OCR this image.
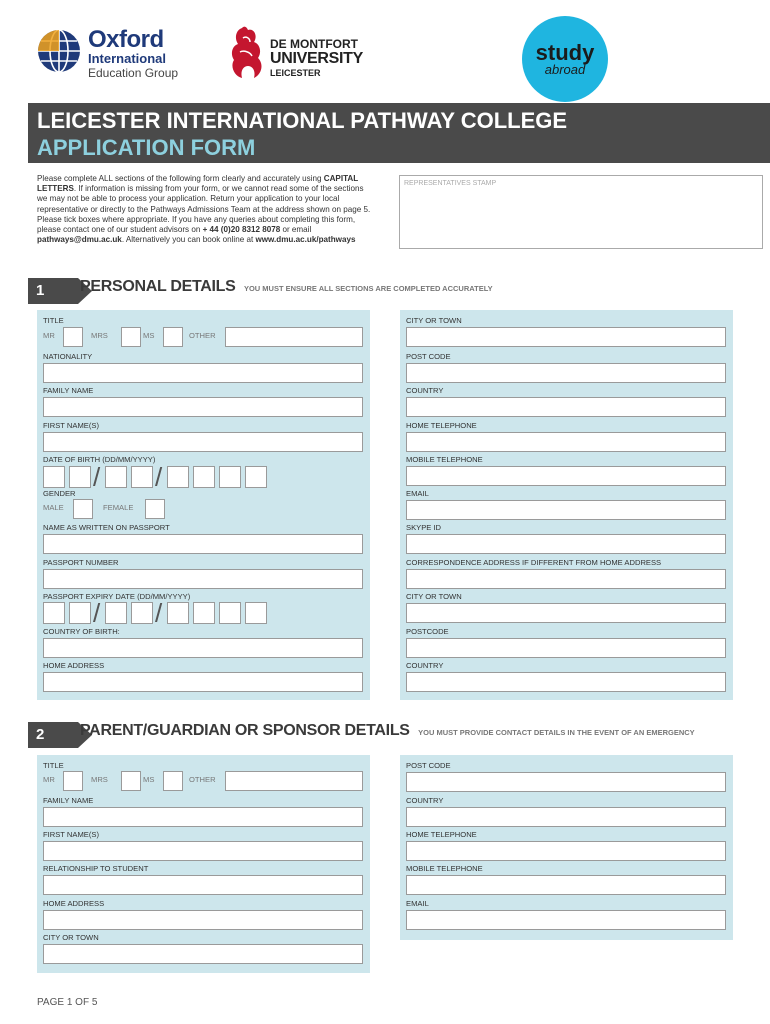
Oxford
International
Education Group
DE MONTFORT
UNIVERSITY
LEICESTER
study
abroad
LEICESTER INTERNATIONAL PATHWAY COLLEGE
APPLICATION FORM
Please complete ALL sections of the following form clearly and accurately using CAPITAL LETTERS. If information is missing from your form, or we cannot read some of the sections we may not be able to process your application. Return your application to your local representative or directly to the Pathways Admissions Team at the address shown on page 5. Please tick boxes where appropriate. If you have any queries about completing this form, please contact one of our student advisors on + 44 (0)20 8312 8078 or email pathways@dmu.ac.uk. Alternatively you can book online at www.dmu.ac.uk/pathways
REPRESENTATIVES STAMP
1	PERSONAL DETAILS YOU MUST ENSURE ALL SECTIONS ARE COMPLETED ACCURATELY
TITLE
MR	MRS	MS	OTHER
NATIONALITY
FAMILY NAME
FIRST NAME(S)
DATE OF BIRTH (DD/MM/YYYY)
/ /
GENDER
MALE	FEMALE
NAME AS WRITTEN ON PASSPORT
PASSPORT NUMBER
PASSPORT EXPIRY DATE (DD/MM/YYYY)
/ /
COUNTRY OF BIRTH:
HOME ADDRESS
CITY OR TOWN
POST CODE
COUNTRY
HOME TELEPHONE
MOBILE TELEPHONE
EMAIL
SKYPE ID
CORRESPONDENCE ADDRESS IF DIFFERENT FROM HOME ADDRESS
CITY OR TOWN
POSTCODE
COUNTRY
2	PARENT/GUARDIAN OR SPONSOR DETAILS YOU MUST PROVIDE CONTACT DETAILS IN THE EVENT OF AN EMERGENCY
TITLE
MR	MRS	MS	OTHER
FAMILY NAME
FIRST NAME(S)
RELATIONSHIP TO STUDENT
HOME ADDRESS
CITY OR TOWN
POST CODE
COUNTRY
HOME TELEPHONE
MOBILE TELEPHONE
EMAIL
PAGE 1 OF 5
